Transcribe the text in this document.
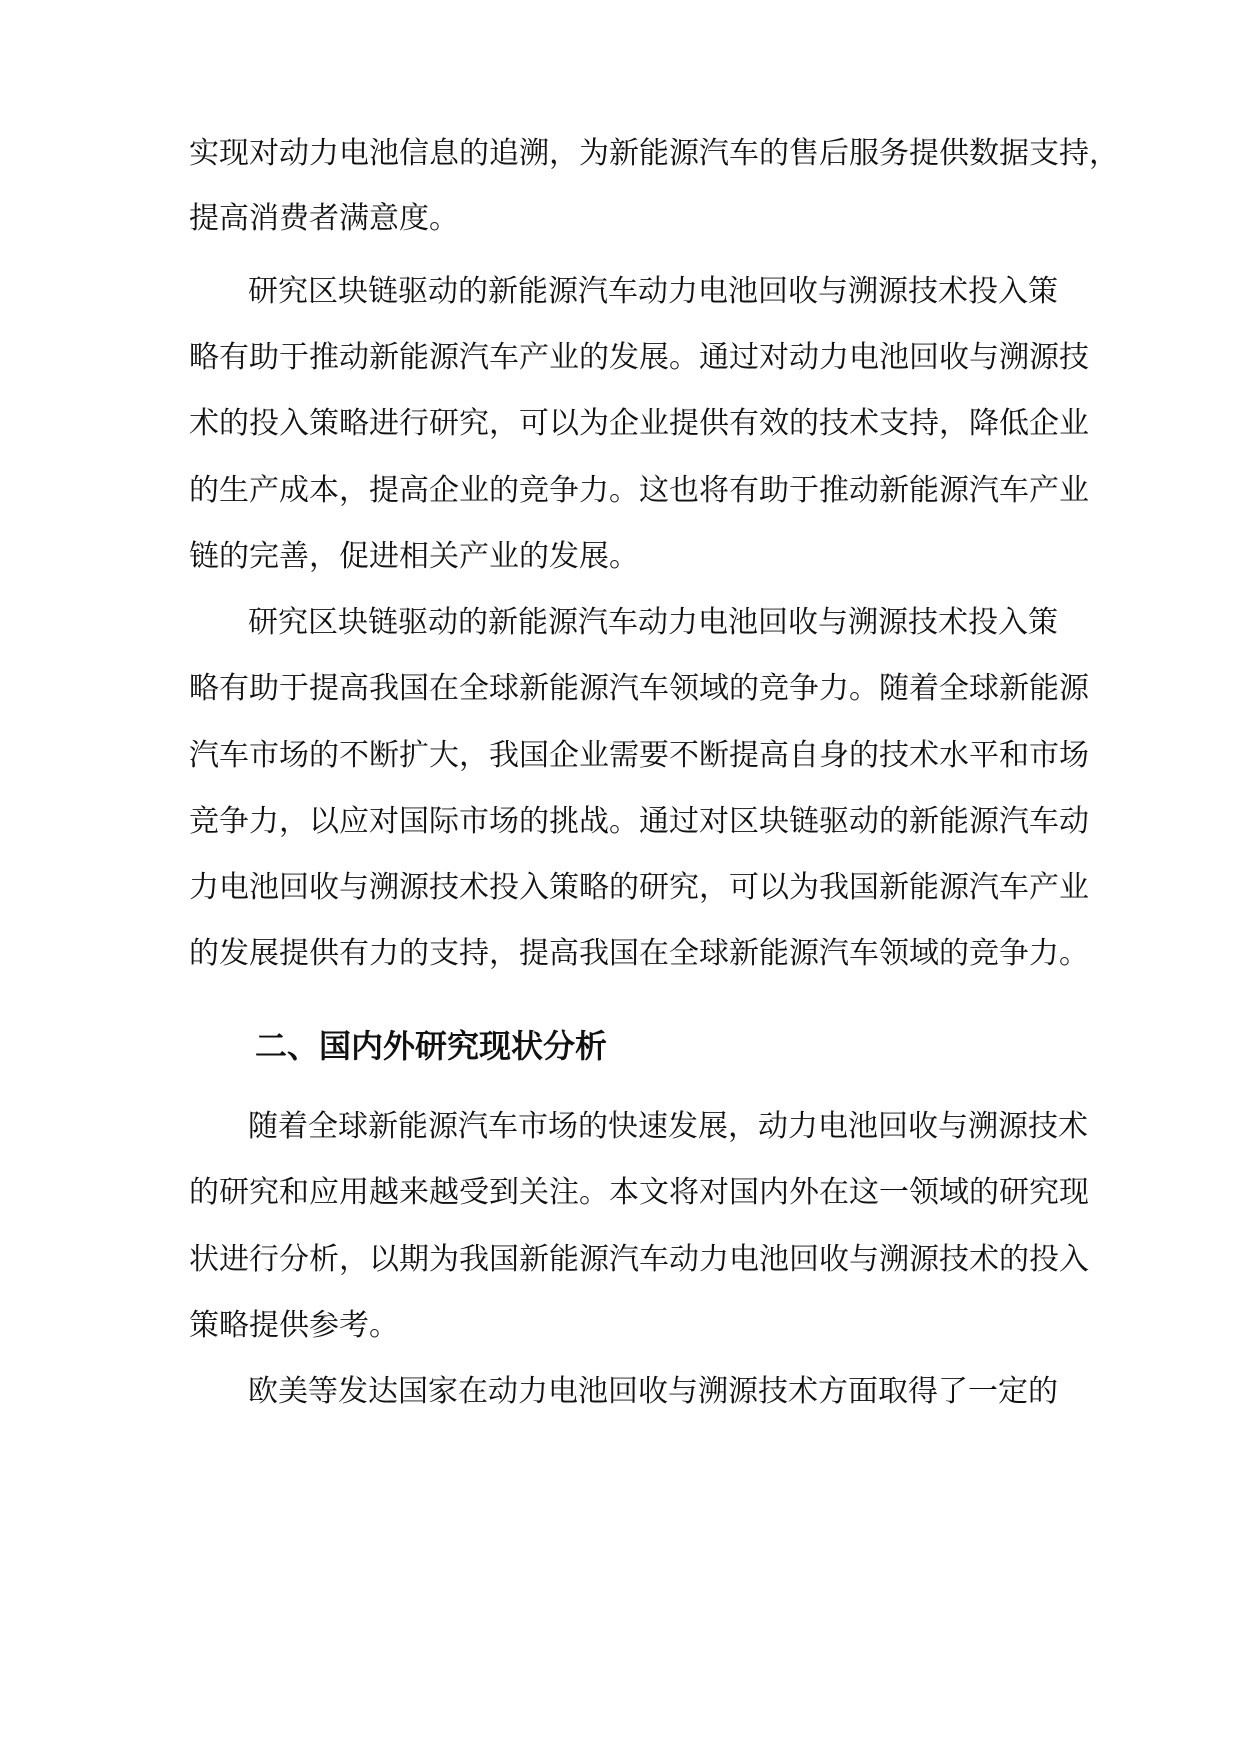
实现对动力电池信息的追溯，为新能源汽车的售后服务提供数据支持，
提高消费者满意度。
研究区块链驱动的新能源汽车动力电池回收与溯源技术投入策
略有助于推动新能源汽车产业的发展。通过对动力电池回收与溯源技
术的投入策略进行研究，可以为企业提供有效的技术支持，降低企业
的生产成本，提高企业的竞争力。这也将有助于推动新能源汽车产业
链的完善，促进相关产业的发展。
研究区块链驱动的新能源汽车动力电池回收与溯源技术投入策
略有助于提高我国在全球新能源汽车领域的竞争力。随着全球新能源
汽车市场的不断扩大，我国企业需要不断提高自身的技术水平和市场
竞争力，以应对国际市场的挑战。通过对区块链驱动的新能源汽车动
力电池回收与溯源技术投入策略的研究，可以为我国新能源汽车产业
的发展提供有力的支持，提高我国在全球新能源汽车领域的竞争力。
二、国内外研究现状分析
随着全球新能源汽车市场的快速发展，动力电池回收与溯源技术
的研究和应用越来越受到关注。本文将对国内外在这一领域的研究现
状进行分析，以期为我国新能源汽车动力电池回收与溯源技术的投入
策略提供参考。
欧美等发达国家在动力电池回收与溯源技术方面取得了一定的
